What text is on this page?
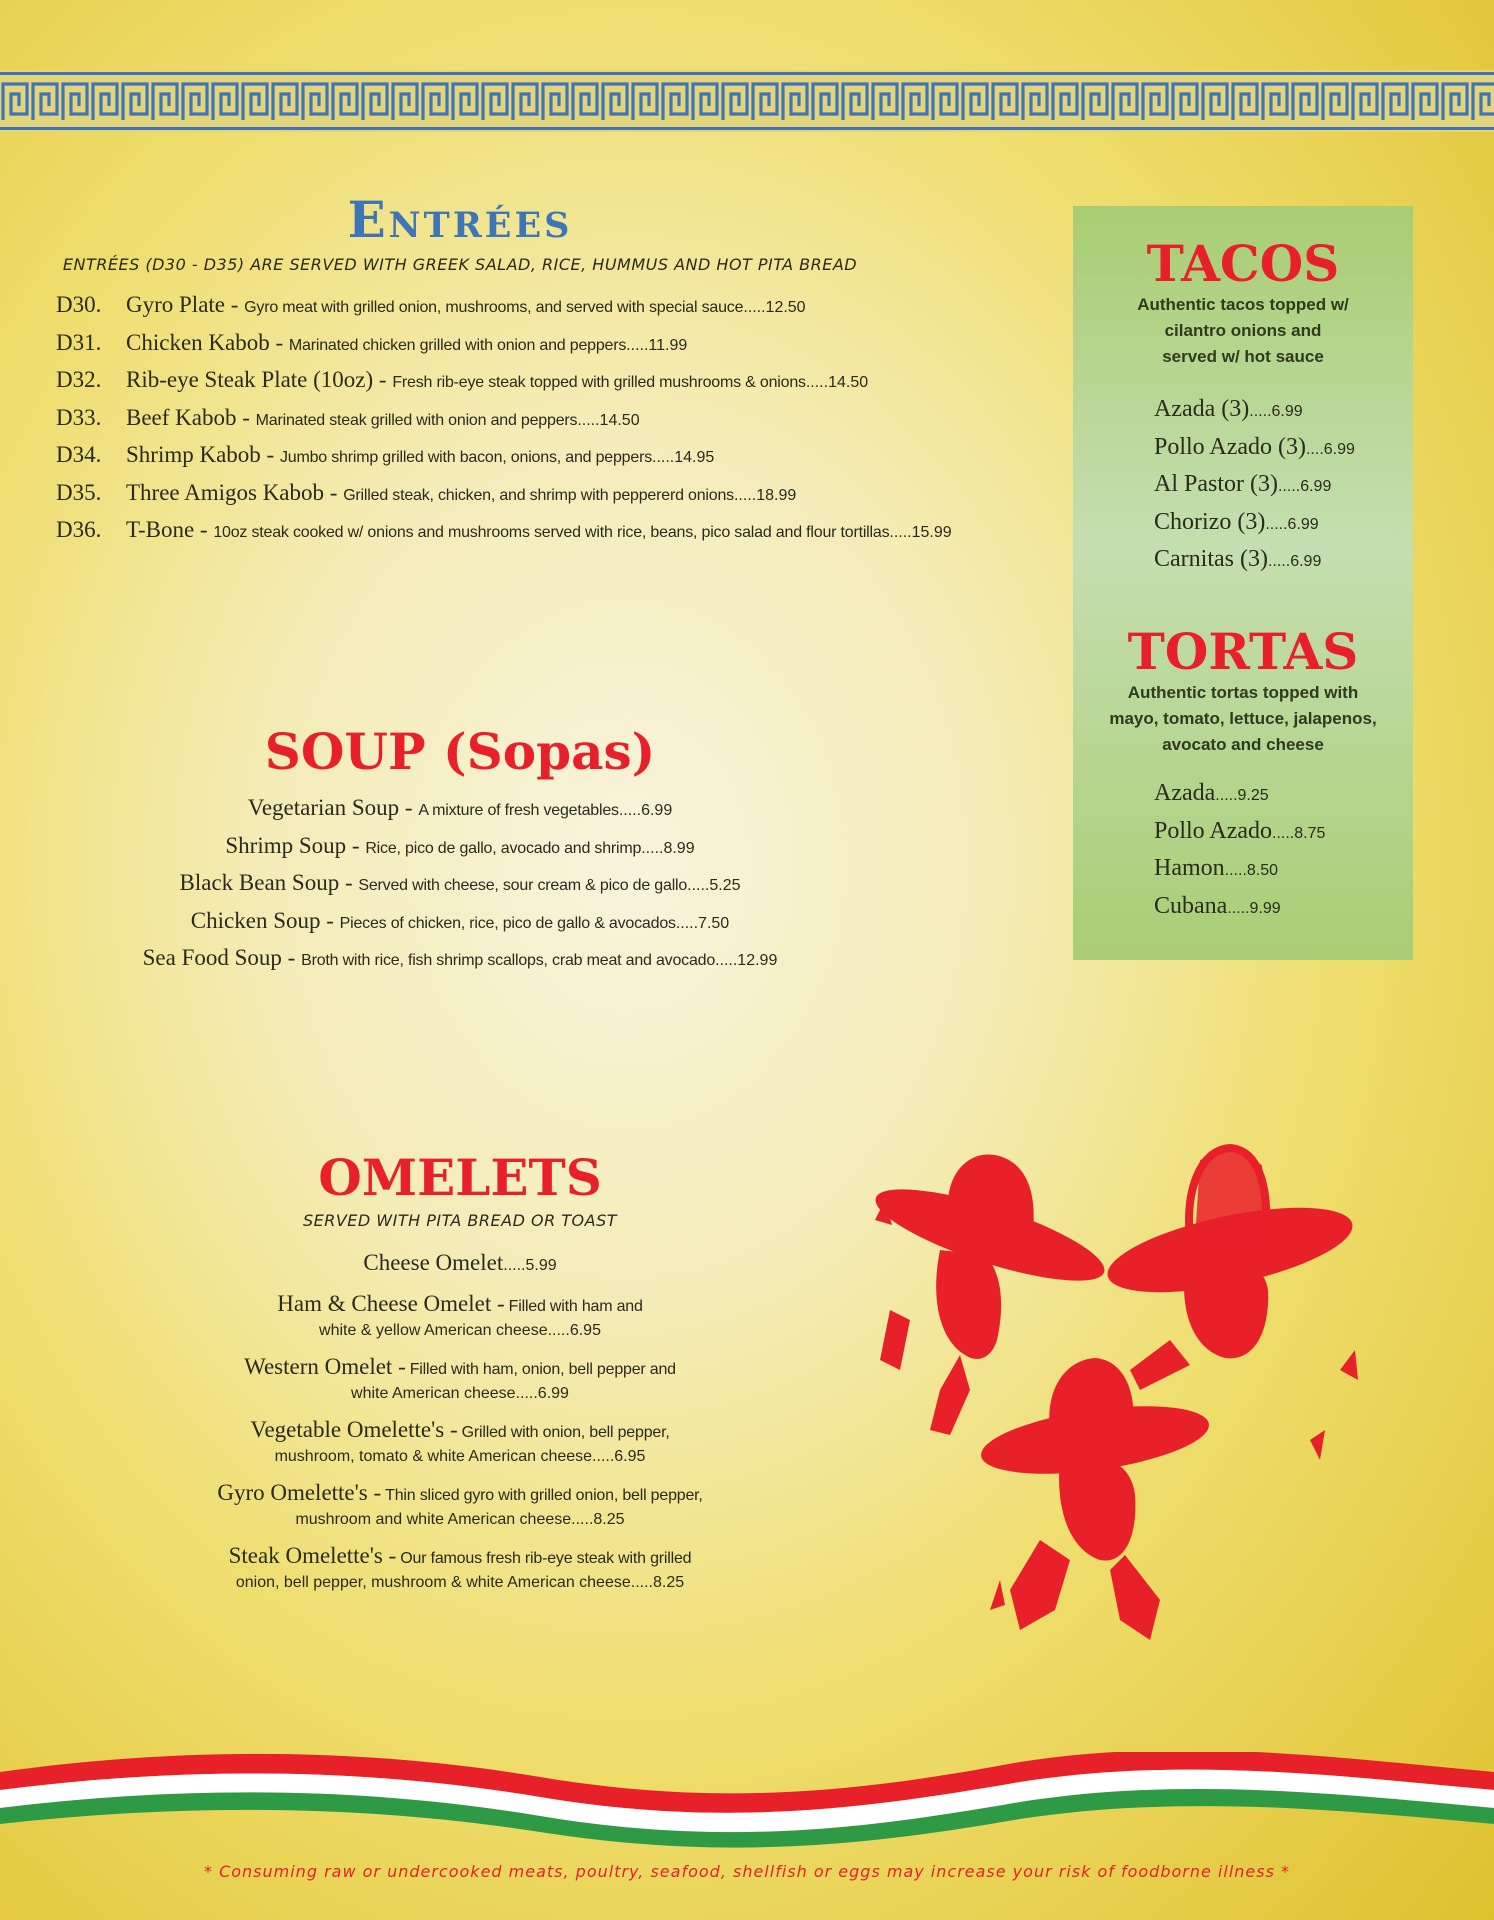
Entrées
ENTRÉES (D30 - D35) ARE SERVED WITH GREEK SALAD, RICE, HUMMUS AND HOT PITA BREAD
D30. Gyro Plate - Gyro meat with grilled onion, mushrooms, and served with special sauce.....12.50
D31. Chicken Kabob - Marinated chicken grilled with onion and peppers.....11.99
D32. Rib-eye Steak Plate (10oz) - Fresh rib-eye steak topped with grilled mushrooms & onions.....14.50
D33. Beef Kabob - Marinated steak grilled with onion and peppers.....14.50
D34. Shrimp Kabob - Jumbo shrimp grilled with bacon, onions, and peppers.....14.95
D35. Three Amigos Kabob - Grilled steak, chicken, and shrimp with peppererd onions.....18.99
D36. T-Bone - 10oz steak cooked w/ onions and mushrooms served with rice, beans, pico salad and flour tortillas.....15.99
SOUP (Sopas)
Vegetarian Soup - A mixture of fresh vegetables.....6.99
Shrimp Soup - Rice, pico de gallo, avocado and shrimp.....8.99
Black Bean Soup - Served with cheese, sour cream & pico de gallo.....5.25
Chicken Soup - Pieces of chicken, rice, pico de gallo & avocados.....7.50
Sea Food Soup - Broth with rice, fish shrimp scallops, crab meat and avocado.....12.99
OMELETS
SERVED WITH PITA BREAD OR TOAST
Cheese Omelet.....5.99
Ham & Cheese Omelet - Filled with ham and
white & yellow American cheese.....6.95
Western Omelet - Filled with ham, onion, bell pepper and
white American cheese.....6.99
Vegetable Omelette's - Grilled with onion, bell pepper,
mushroom, tomato & white American cheese.....6.95
Gyro Omelette's - Thin sliced gyro with grilled onion, bell pepper,
mushroom and white American cheese.....8.25
Steak Omelette's - Our famous fresh rib-eye steak with grilled
onion, bell pepper, mushroom & white American cheese.....8.25
TACOS
Authentic tacos topped w/
cilantro onions and
served w/ hot sauce
Azada (3).....6.99
Pollo Azado (3)....6.99
Al Pastor (3).....6.99
Chorizo (3).....6.99
Carnitas (3).....6.99
TORTAS
Authentic tortas topped with
mayo, tomato, lettuce, jalapenos,
avocato and cheese
Azada.....9.25
Pollo Azado.....8.75
Hamon.....8.50
Cubana.....9.99
* Consuming raw or undercooked meats, poultry, seafood, shellfish or eggs may increase your risk of foodborne illness *
